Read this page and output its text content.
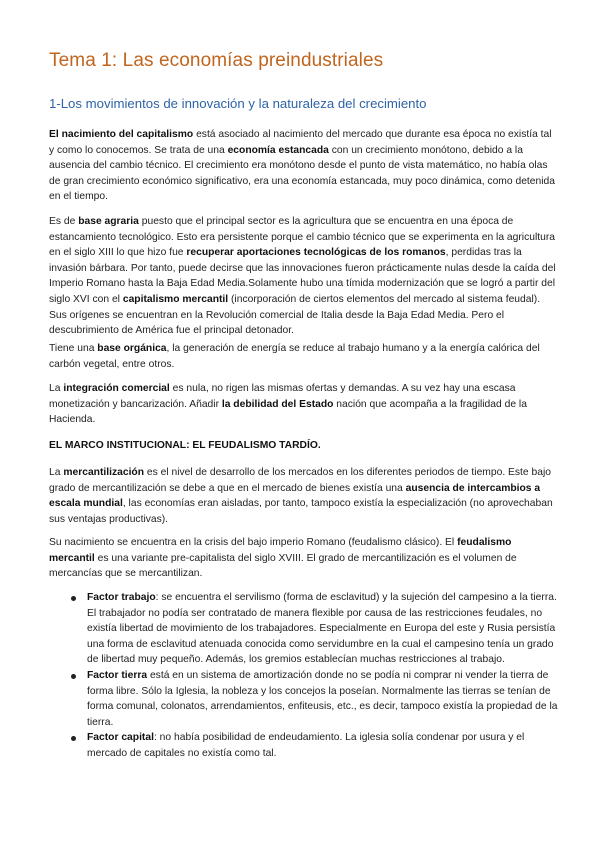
Tema 1: Las economías preindustriales
1-Los movimientos de innovación y la naturaleza del crecimiento

El nacimiento del capitalismo está asociado al nacimiento del mercado que durante esa época no existía tal y como lo conocemos. Se trata de una economía estancada con un crecimiento monótono, debido a la ausencia del cambio técnico. El crecimiento era monótono desde el punto de vista matemático, no había olas de gran crecimiento económico significativo, era una economía estancada, muy poco dinámica, como detenida en el tiempo.

Es de base agraria puesto que el principal sector es la agricultura que se encuentra en una época de estancamiento tecnológico. Esto era persistente porque el cambio técnico que se experimenta en la agricultura en el siglo XIII lo que hizo fue recuperar aportaciones tecnológicas de los romanos, perdidas tras la invasión bárbara. Por tanto, puede decirse que las innovaciones fueron prácticamente nulas desde la caída del Imperio Romano hasta la Baja Edad Media.Solamente hubo una tímida modernización que se logró a partir del siglo XVI con el capitalismo mercantil (incorporación de ciertos elementos del mercado al sistema feudal). Sus orígenes se encuentran en la Revolución comercial de Italia desde la Baja Edad Media. Pero el descubrimiento de América fue el principal detonador.

Tiene una base orgánica, la generación de energía se reduce al trabajo humano y a la energía calórica del carbón vegetal, entre otros.

La integración comercial es nula, no rigen las mismas ofertas y demandas. A su vez hay una escasa monetización y bancarización. Añadir la debilidad del Estado nación que acompaña a la fragilidad de la Hacienda.

EL MARCO INSTITUCIONAL: EL FEUDALISMO TARDÍO.

La mercantilización es el nivel de desarrollo de los mercados en los diferentes periodos de tiempo. Este bajo grado de mercantilización se debe a que en el mercado de bienes existía una ausencia de intercambios a escala mundial, las economías eran aisladas, por tanto, tampoco existía la especialización (no aprovechaban sus ventajas productivas).

Su nacimiento se encuentra en la crisis del bajo imperio Romano (feudalismo clásico). El feudalismo mercantil es una variante pre-capitalista del siglo XVIII. El grado de mercantilización es el volumen de mercancías que se mercantilizan.

Factor trabajo: se encuentra el servilismo (forma de esclavitud) y la sujeción del campesino a la tierra. El trabajador no podía ser contratado de manera flexible por causa de las restricciones feudales, no existía libertad de movimiento de los trabajadores. Especialmente en Europa del este y Rusia persistía una forma de esclavitud atenuada conocida como servidumbre en la cual el campesino tenía un grado de libertad muy pequeño. Además, los gremios establecían muchas restricciones al trabajo.
Factor tierra está en un sistema de amortización donde no se podía ni comprar ni vender la tierra de forma libre. Sólo la Iglesia, la nobleza y los concejos la poseían. Normalmente las tierras se tenían de forma comunal, colonatos, arrendamientos, enfiteusis, etc., es decir, tampoco existía la propiedad de la tierra.
Factor capital: no había posibilidad de endeudamiento. La iglesia solía condenar por usura y el mercado de capitales no existía como tal.
